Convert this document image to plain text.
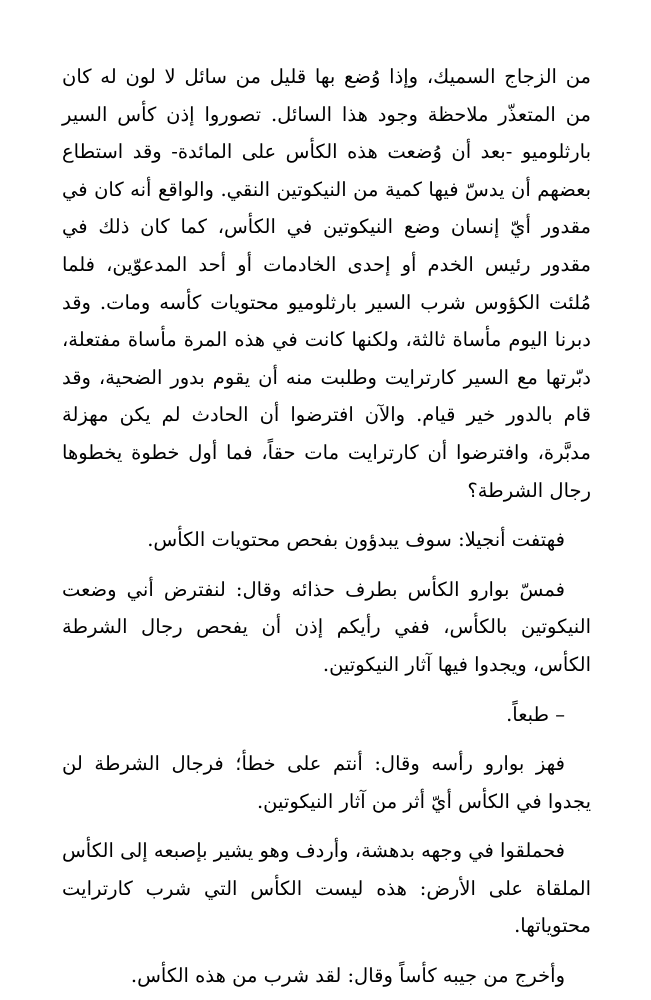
من الزجاج السميك، وإذا وُضع بها قليل من سائل لا لون له كان من المتعذّر ملاحظة وجود هذا السائل. تصوروا إذن كأس السير بارثلوميو -بعد أن وُضعت هذه الكأس على المائدة- وقد استطاع بعضهم أن يدسّ فيها كمية من النيكوتين النقي. والواقع أنه كان في مقدور أيّ إنسان وضع النيكوتين في الكأس، كما كان ذلك في مقدور رئيس الخدم أو إحدى الخادمات أو أحد المدعوّين، فلما مُلئت الكؤوس شرب السير بارثلوميو محتويات كأسه ومات. وقد دبرنا اليوم مأساة ثالثة، ولكنها كانت في هذه المرة مأساة مفتعلة، دبّرتها مع السير كارترايت وطلبت منه أن يقوم بدور الضحية، وقد قام بالدور خير قيام. والآن افترضوا أن الحادث لم يكن مهزلة مدبَّرة، وافترضوا أن كارترايت مات حقاً، فما أول خطوة يخطوها رجال الشرطة؟

فهتفت أنجيلا: سوف يبدؤون بفحص محتويات الكأس.

فمسّ بوارو الكأس بطرف حذائه وقال: لنفترض أني وضعت النيكوتين بالكأس، ففي رأيكم إذن أن يفحص رجال الشرطة الكأس، ويجدوا فيها آثار النيكوتين.

– طبعاً.

فهز بوارو رأسه وقال: أنتم على خطأ؛ فرجال الشرطة لن يجدوا في الكأس أيّ أثر من آثار النيكوتين.

فحملقوا في وجهه بدهشة، وأردف وهو يشير بإصبعه إلى الكأس الملقاة على الأرض: هذه ليست الكأس التي شرب كارترايت محتوياتها.

وأخرج من جيبه كأساً وقال: لقد شرب من هذه الكأس.
